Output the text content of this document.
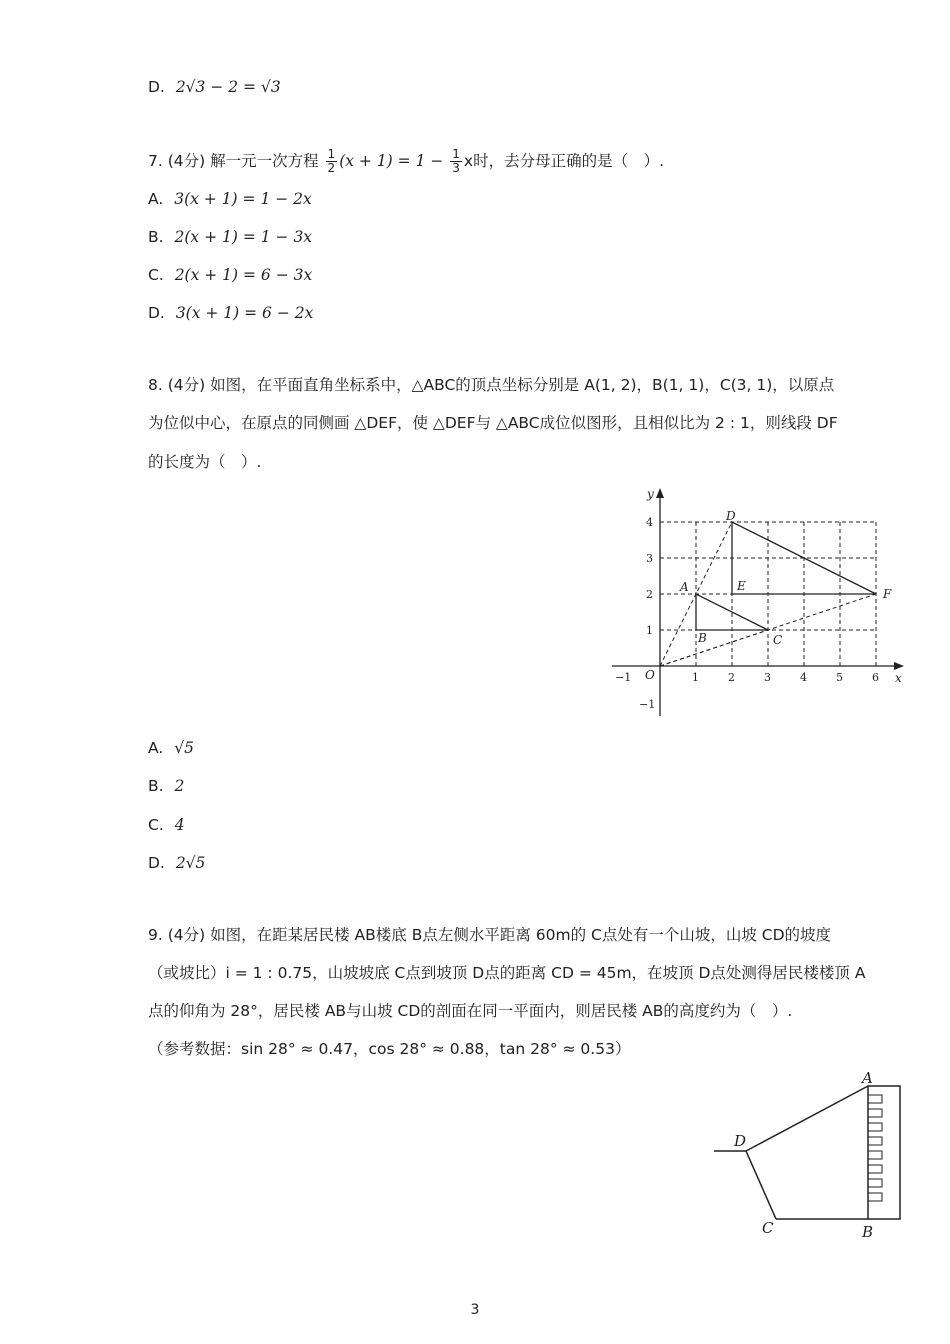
D. 2√3 − 2 = √3
7. (4分) 解一元一次方程 $\frac{1}{2} (x + 1) = 1 - \frac{1}{3}$ x时，去分母正确的是（　）.
A. 3(x + 1) = 1 − 2x
B. 2(x + 1) = 1 − 3x
C. 2(x + 1) = 6 − 3x
D. 3(x + 1) = 6 − 2x
8. (4分) 如图，在平面直角坐标系中，△ABC的顶点坐标分别是 A(1, 2)，B(1, 1)，C(3, 1)，以原点
为位似中心，在原点的同侧画 △DEF，使 △DEF与 △ABC成位似图形，且相似比为 2 : 1，则线段 DF
的长度为（　）.
−1	1	2	3	4	5	6
4
3
2
1
−1
x
y
O
A
B	C
D
E
F
A. √5
B. 2
C. 4
D. 2√5
9. (4分) 如图，在距某居民楼 AB楼底 B点左侧水平距离 60m的 C点处有一个山坡，山坡 CD的坡度
（或坡比）i = 1 : 0.75，山坡坡底 C点到坡顶 D点的距离 CD = 45m，在坡顶 D点处测得居民楼楼顶 A
点的仰角为 28°，居民楼 AB与山坡 CD的剖面在同一平面内，则居民楼 AB的高度约为（　）.
（参考数据：sin 28° ≈ 0.47，cos 28° ≈ 0.88，tan 28° ≈ 0.53）
A
D
C	B
3
